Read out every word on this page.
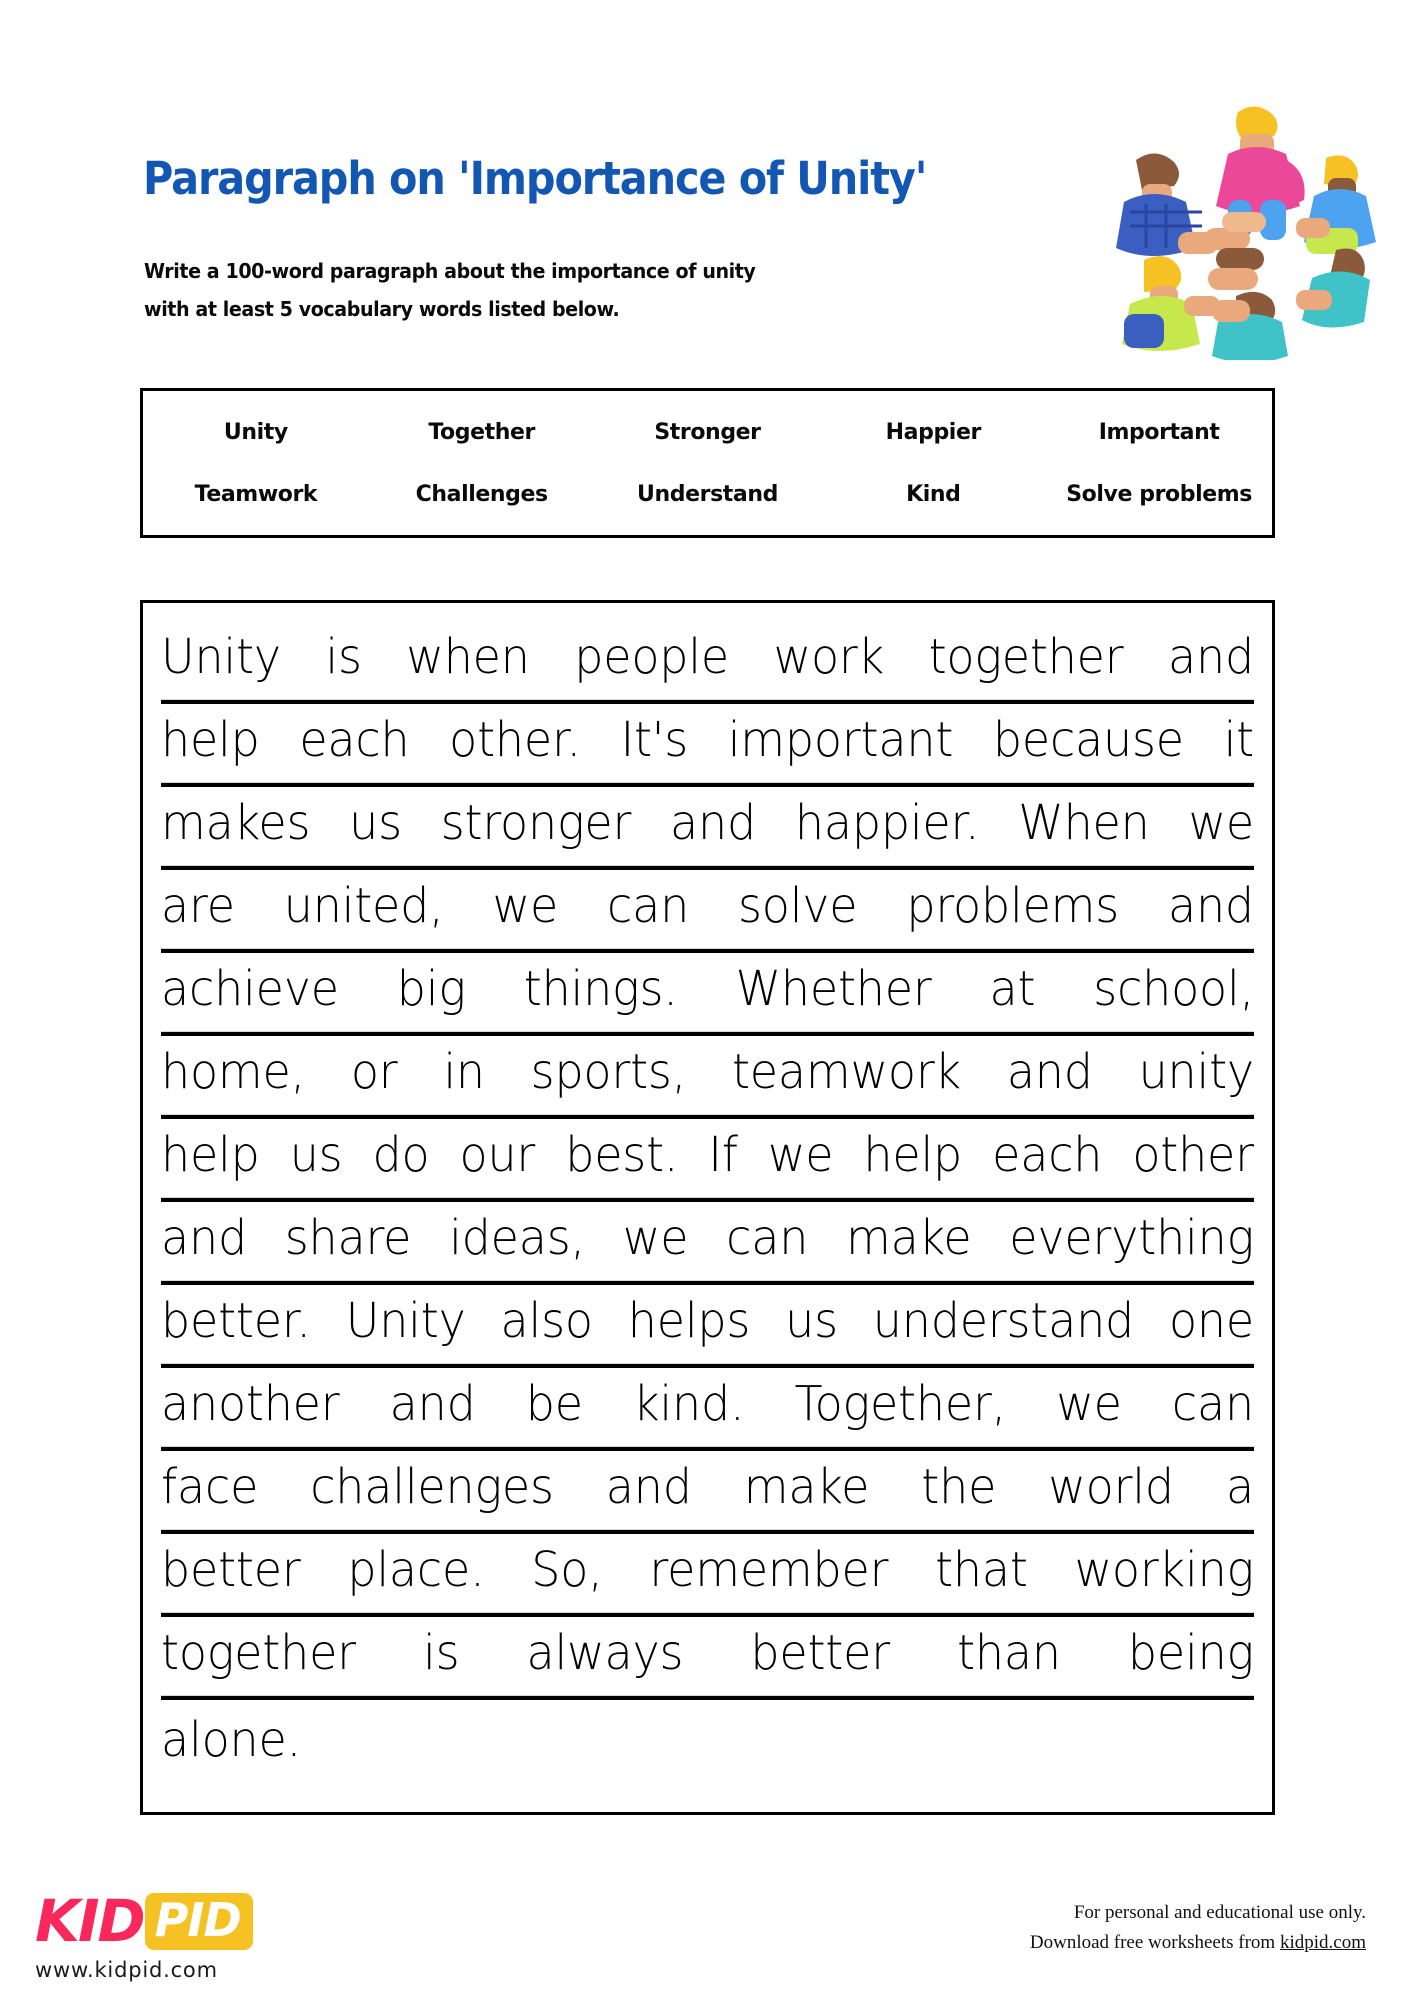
Paragraph on 'Importance of Unity'
Write a 100-word paragraph about the importance of unity
with at least 5 vocabulary words listed below.
Unity	Together	Stronger	Happier	Important
Teamwork	Challenges	Understand	Kind	Solve problems
Unity is when people work together and
help each other. It's important because it
makes us stronger and happier. When we
are united, we can solve problems and
achieve big things. Whether at school,
home, or in sports, teamwork and unity
help us do our best. If we help each other
and share ideas, we can make everything
better. Unity also helps us understand one
another and be kind. Together, we can
face challenges and make the world a
better place. So, remember that working
together is always better than being
alone.
KID PID
www.kidpid.com
For personal and educational use only.
Download free worksheets from kidpid.com
